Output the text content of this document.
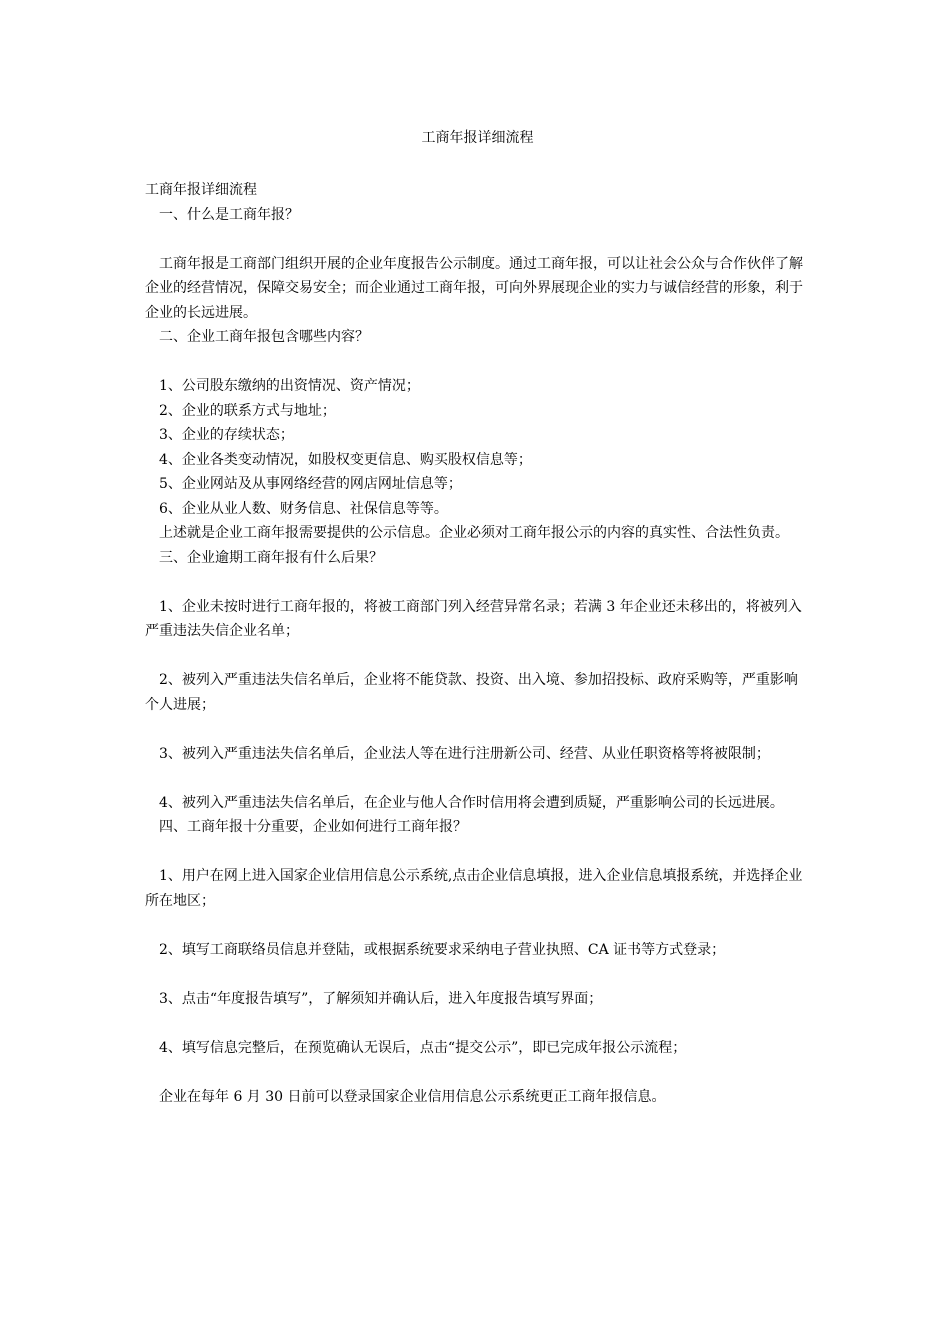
工商年报详细流程

工商年报详细流程

一、什么是工商年报？

工商年报是工商部门组织开展的企业年度报告公示制度。通过工商年报，可以让社会公众与合作伙伴了解企业的经营情况，保障交易安全；而企业通过工商年报，可向外界展现企业的实力与诚信经营的形象，利于企业的长远进展。

二、企业工商年报包含哪些内容？

1、公司股东缴纳的出资情况、资产情况；

2、企业的联系方式与地址；

3、企业的存续状态；

4、企业各类变动情况，如股权变更信息、购买股权信息等；

5、企业网站及从事网络经营的网店网址信息等；

6、企业从业人数、财务信息、社保信息等等。

上述就是企业工商年报需要提供的公示信息。企业必须对工商年报公示的内容的真实性、合法性负责。

三、企业逾期工商年报有什么后果？

1、企业未按时进行工商年报的，将被工商部门列入经营异常名录；若满 3 年企业还未移出的，将被列入严重违法失信企业名单；

2、被列入严重违法失信名单后，企业将不能贷款、投资、出入境、参加招投标、政府采购等，严重影响个人进展；

3、被列入严重违法失信名单后，企业法人等在进行注册新公司、经营、从业任职资格等将被限制；

4、被列入严重违法失信名单后，在企业与他人合作时信用将会遭到质疑，严重影响公司的长远进展。

四、工商年报十分重要，企业如何进行工商年报？

1、用户在网上进入国家企业信用信息公示系统,点击企业信息填报，进入企业信息填报系统，并选择企业所在地区；

2、填写工商联络员信息并登陆，或根据系统要求采纳电子营业执照、CA 证书等方式登录；

3、点击“年度报告填写”，了解须知并确认后，进入年度报告填写界面；

4、填写信息完整后，在预览确认无误后，点击“提交公示”，即已完成年报公示流程；

企业在每年 6 月 30 日前可以登录国家企业信用信息公示系统更正工商年报信息。
